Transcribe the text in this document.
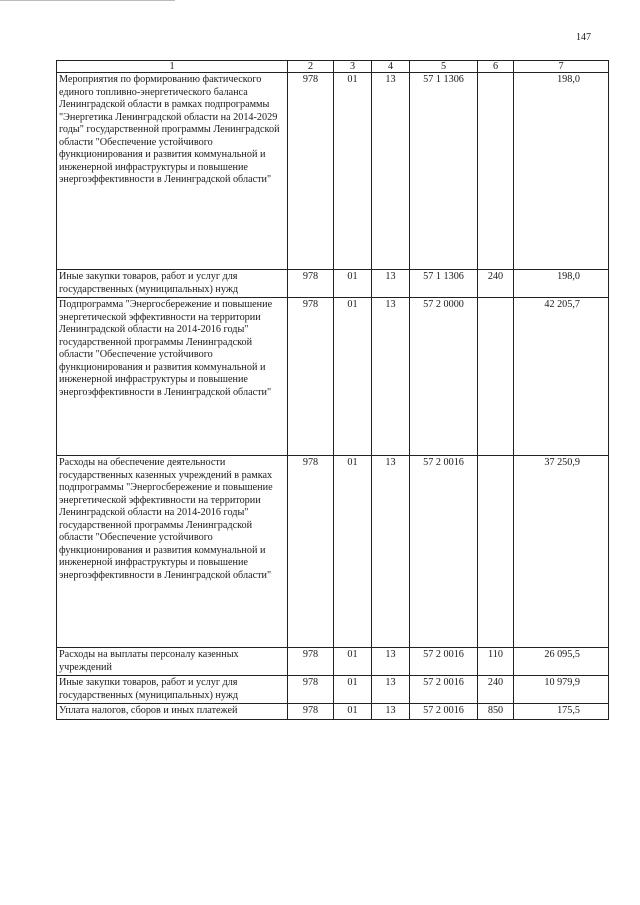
147
1	2	3	4	5	6	7
Мероприятия по формированию фактического единого топливно-энергетического баланса Ленинградской области в рамках подпрограммы "Энергетика Ленинградской области на 2014-2029 годы" государственной программы Ленинградской области "Обеспечение устойчивого функционирования и развития коммунальной и инженерной инфраструктуры и повышение энергоэффективности в Ленинградской области"	978	01	13	57 1 1306		198,0
Иные закупки товаров, работ и услуг для государственных (муниципальных) нужд	978	01	13	57 1 1306	240	198,0
Подпрограмма "Энергосбережение и повышение энергетической эффективности на территории Ленинградской области на 2014-2016 годы" государственной программы Ленинградской области "Обеспечение устойчивого функционирования и развития коммунальной и инженерной инфраструктуры и повышение энергоэффективности в Ленинградской области"	978	01	13	57 2 0000		42 205,7
Расходы на обеспечение деятельности государственных казенных учреждений в рамках подпрограммы "Энергосбережение и повышение энергетической эффективности на территории Ленинградской области на 2014-2016 годы" государственной программы Ленинградской области "Обеспечение устойчивого функционирования и развития коммунальной и инженерной инфраструктуры и повышение энергоэффективности в Ленинградской области"	978	01	13	57 2 0016		37 250,9
Расходы на выплаты персоналу казенных учреждений	978	01	13	57 2 0016	110	26 095,5
Иные закупки товаров, работ и услуг для государственных (муниципальных) нужд	978	01	13	57 2 0016	240	10 979,9
Уплата налогов, сборов и иных платежей	978	01	13	57 2 0016	850	175,5
